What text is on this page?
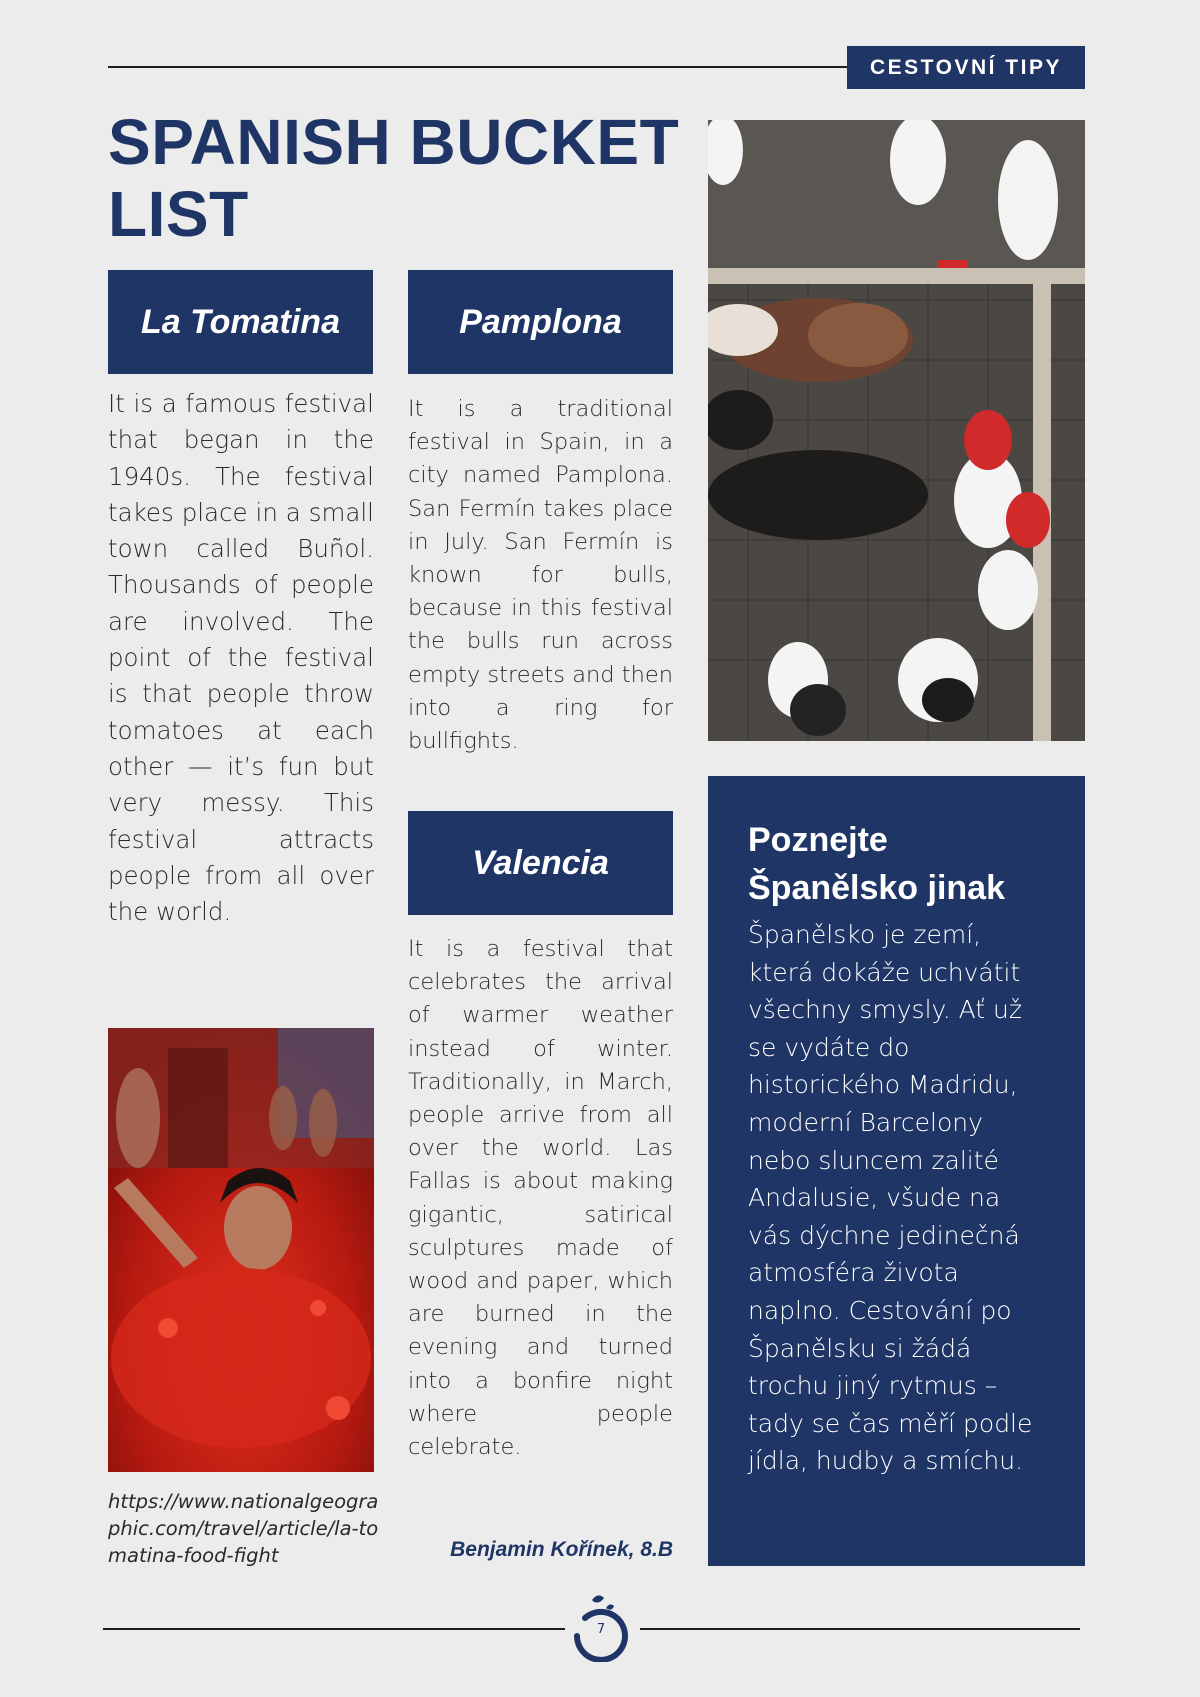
CESTOVNÍ TIPY
SPANISH BUCKET LIST
La Tomatina

It is a famous festival that began in the 1940s. The festival takes place in a small town called Buñol. Thousands of people are involved. The point of the festival is that people throw tomatoes at each other — it’s fun but very messy. This festival attracts people from all over the world.

https://www.nationalgeographic.com/travel/article/la-tomatina-food-fight
Pamplona

It is a traditional festival in Spain, in a city named Pamplona. San Fermín takes place in July. San Fermín is known for bulls, because in this festival the bulls run across empty streets and then into a ring for bullfights.

Valencia

It is a festival that celebrates the arrival of warmer weather instead of winter. Traditionally, in March, people arrive from all over the world. Las Fallas is about making gigantic, satirical sculptures made of wood and paper, which are burned in the evening and turned into a bonfire night where people celebrate.

Benjamin Kořínek, 8.B
Poznejte Španělsko jinak

Španělsko je zemí, která dokáže uchvátit všechny smysly. Ať už se vydáte do historického Madridu, moderní Barcelony nebo sluncem zalité Andalusie, všude na vás dýchne jedinečná atmosféra života naplno. Cestování po Španělsku si žádá trochu jiný rytmus – tady se čas měří podle jídla, hudby a smíchu.

7
